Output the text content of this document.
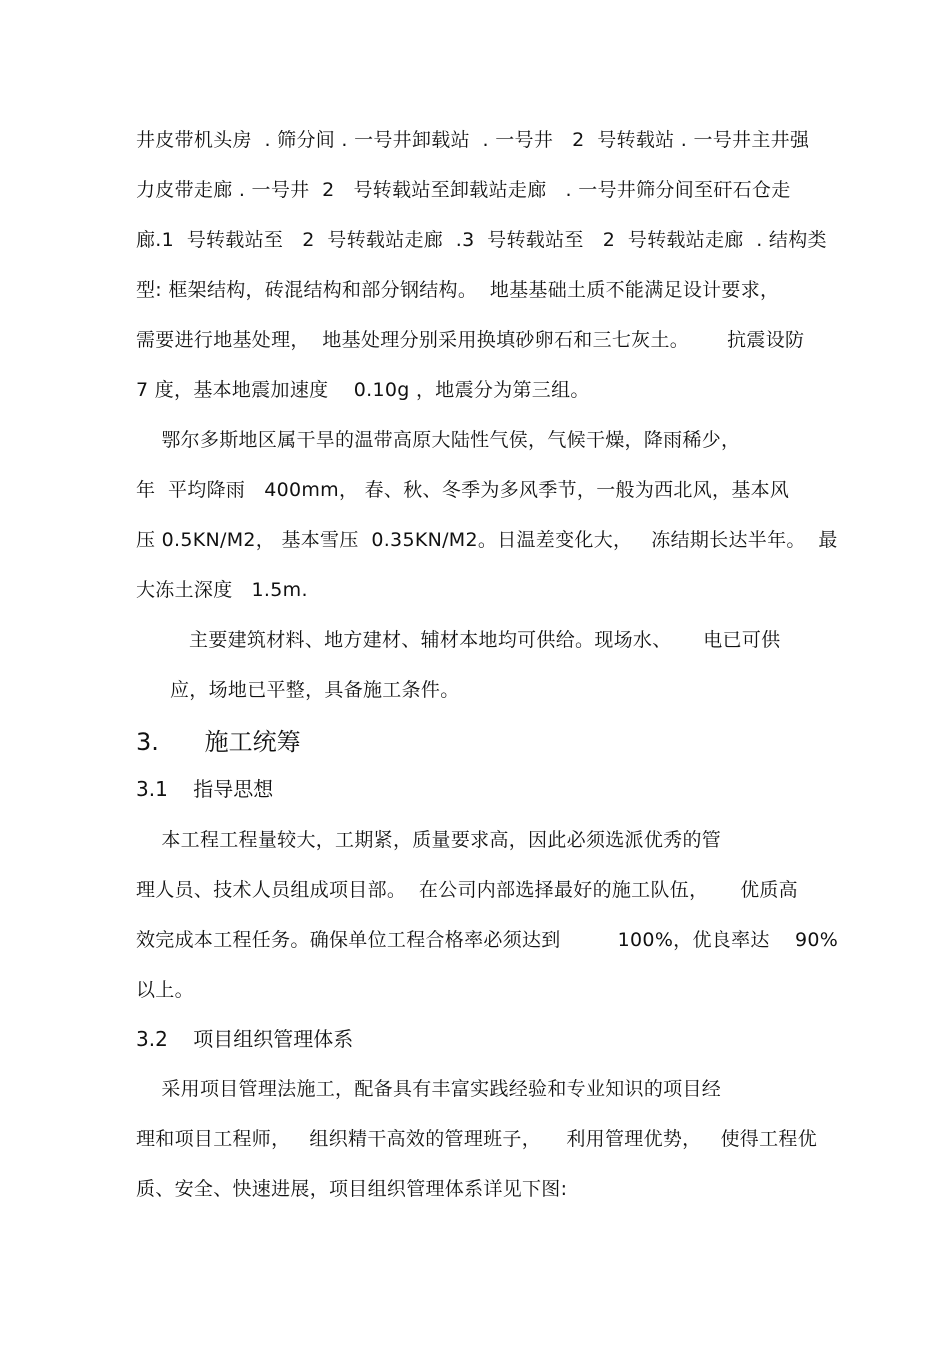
井皮带机头房  . 筛分间 . 一号井卸载站  . 一号井   2  号转载站 . 一号井主井强
力皮带走廊 . 一号井  2   号转载站至卸载站走廊   . 一号井筛分间至矸石仓走
廊.1  号转载站至   2  号转载站走廊  .3  号转载站至   2  号转载站走廊  . 结构类
型: 框架结构，砖混结构和部分钢结构。  地基基础土质不能满足设计要求，
需要进行地基处理，  地基处理分别采用换填砂卵石和三七灰土。      抗震设防
7 度，基本地震加速度    0.10g ，地震分为第三组。
鄂尔多斯地区属干旱的温带高原大陆性气侯，气候干燥，降雨稀少，
年  平均降雨   400mm， 春、秋、冬季为多风季节，一般为西北风，基本风
压 0.5KN/M2， 基本雪压  0.35KN/M2。日温差变化大，   冻结期长达半年。  最
大冻土深度   1.5m.
主要建筑材料、地方建材、辅材本地均可供给。现场水、     电已可供
应，场地已平整，具备施工条件。
3.      施工统筹
3.1    指导思想
本工程工程量较大，工期紧，质量要求高，因此必须选派优秀的管
理人员、技术人员组成项目部。  在公司内部选择最好的施工队伍，     优质高
效完成本工程任务。确保单位工程合格率必须达到         100%，优良率达    90%
以上。
3.2    项目组织管理体系
采用项目管理法施工，配备具有丰富实践经验和专业知识的项目经
理和项目工程师，   组织精干高效的管理班子，    利用管理优势，   使得工程优
质、安全、快速进展，项目组织管理体系详见下图:
